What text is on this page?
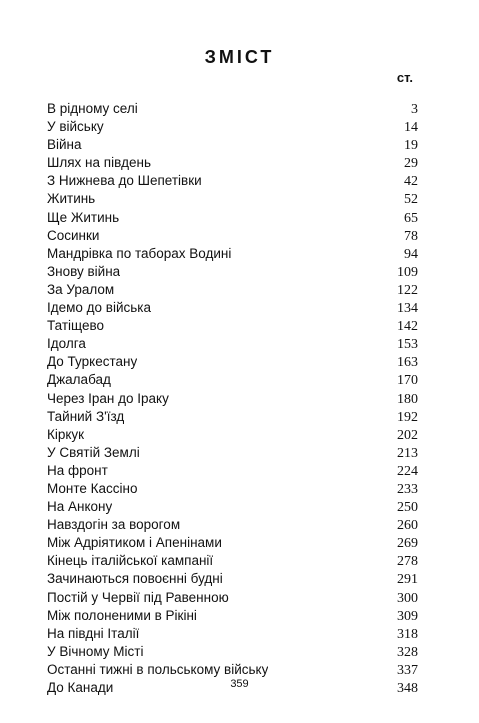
ЗМІСТ
ст.
В рідному селі	3
У війську	14
Війна	19
Шлях на південь	29
З Нижнева до Шепетівки	42
Житинь	52
Ще Житинь	65
Сосинки	78
Мандрівка по таборах Водині	94
Знову війна	109
За Уралом	122
Ідемо до війська	134
Татіщево	142
Ідолга	153
До Туркестану	163
Джалабад	170
Через Іран до Іраку	180
Тайний З'їзд	192
Кіркук	202
У Святій Землі	213
На фронт	224
Монте Кассіно	233
На Анкону	250
Навздогін за ворогом	260
Між Адріятиком і Апенінами	269
Кінець італійської кампанії	278
Зачинаються повоєнні будні	291
Постій у Червії під Равенною	300
Між полоненими в Рікіні	309
На півдні Італії	318
У Вічному Місті	328
Останні тижні в польському війську	337
До Канади	348
359
